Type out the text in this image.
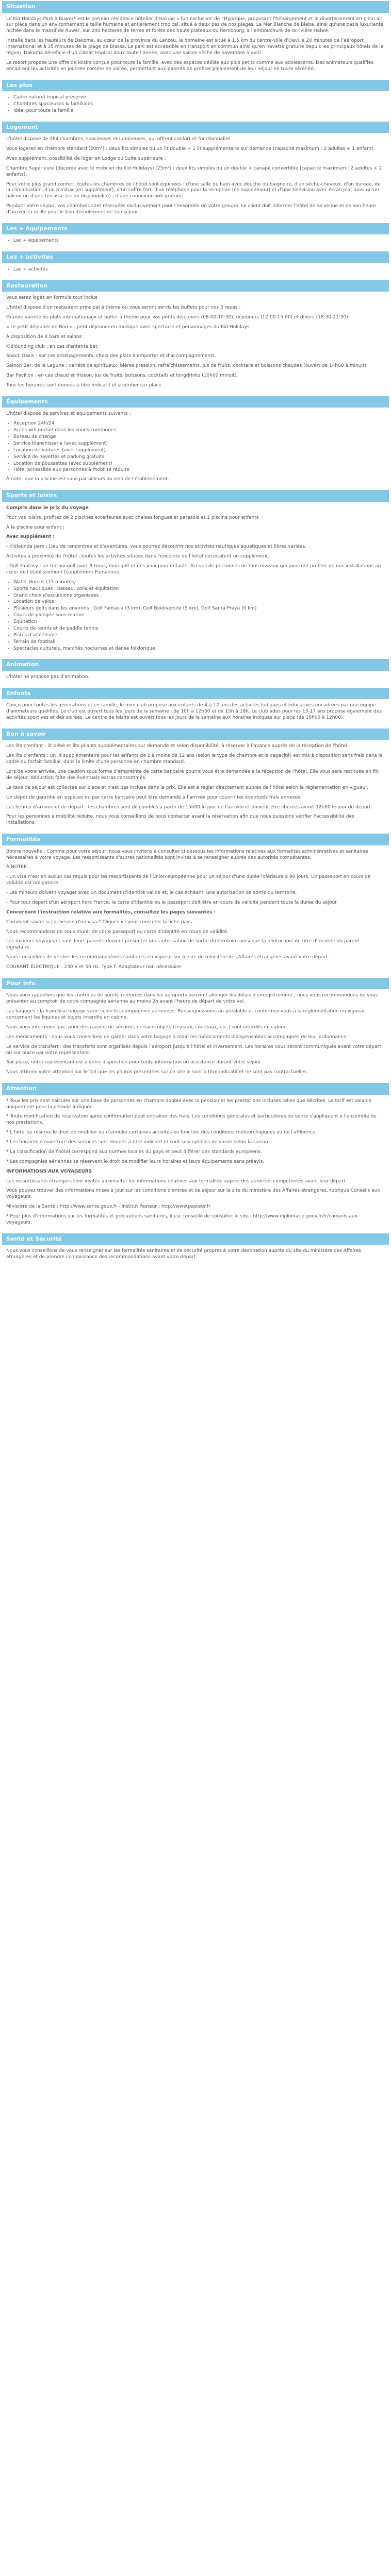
Situation

Le Kid Holidays Park à Ruwer* est le premier résidence hôtelier d'Hainan « fun exclusive' de l'Hyprique, proposant l'hébergement et le divertissement en plein air sur place dans un environnement à taille humaine et entièrement tropical, situé à deux pas de nos plages. La Mer Blanche de Bieba, ainsi qu'une oasis luxuriante nichée dans le massif de Ruwer, sur 240 hectares de terres et forêts des hauts plateaux du Rembourg, à l'embouchure de la rivière Haiwe.

Installé dans les hauteurs de Dakoma, au cœur de la province du Lanzou, le domaine est situé à 1,5 km du centre-ville d'Oavi, à 20 minutes de l'aéroport international et à 35 minutes de la plage de Biassa. Le parc est accessible en transport en commun ainsi qu'en navette gratuite depuis les principaux hôtels de la région. Dakoma bénéficie d'un climat tropical doux toute l'année, avec une saison sèche de novembre à avril.

Le resort propose une offre de loisirs conçue pour toute la famille, avec des espaces dédiés aux plus petits comme aux adolescents. Des animateurs qualifiés encadrent les activités en journée comme en soirée, permettant aux parents de profiter pleinement de leur séjour en toute sérénité.

Les plus
• Cadre naturel tropical préservé
• Chambres spacieuses & familiales
• Idéal pour toute la famille
Logement

L'hôtel dispose de 284 chambres, spacieuses et lumineuses, qui offrent confort et fonctionnalité.

Vous logerez en chambre standard (20m²) : deux lits simples ou un lit double + 1 lit supplémentaire sur demande (capacité maximum : 2 adultes + 1 enfant).

Avec supplément, possibilité de loger en Lodge ou Suite supérieure :

Chambre Supérieure (décorée avec le mobilier du Kid Holidays) (25m²) : deux lits simples ou un double + canapé convertible (capacité maximum : 2 adultes + 2 enfants).

Pour votre plus grand confort, toutes les chambres de l'hôtel sont équipées : d'une salle de bain avec douche ou baignoire, d'un sèche-cheveux, d'un bureau, de la climatisation, d'un minibar (en supplément), d'un coffre-fort, d'un téléphone pour la réception (en supplément) et d'une télévision avec écran plat ainsi qu'un balcon ou d'une terrasse (selon disponibilité) ; d'une connexion wifi gratuite.

Pendant votre séjour, vos chambres sont réservées exclusivement pour l'ensemble de votre groupe. Le client doit informer l'hôtel de sa venue et de son heure d'arrivée la veille pour le bon déroulement de son séjour.

Les + équipements
• Lac + équipements
Les + activités
• Lac + activités
Restauration

Vous serez logés en formule tout inclus

L'hôtel dispose d'un restaurant principal à thème où vous seront servis les buffets pour vos 3 repas :

Grande variété de plats internationaux et buffet à thème pour vos petits déjeuners (08:00-10:30), déjeuners (12:00-15:00) et dîners (18:30-21:30).

« Le petit déjeuner de Bon » - petit déjeuner en musique avec spectacle et personnages du Kid Holidays.

À disposition de 4 bars et salons :

Kidlounding club : en cas d'entente bar.

Snack Oasis : sur ces aménagements, choix des plats à emporter et d'accompagnements.

Saloon Bar, de la Lagune : variété de spiritueux, bières pression, rafraîchissements, jus de fruits, cocktails et boissons chaudes (ouvert de 14h00 à minuit).

Bar Pavillon : en cas chaud et frisson, jus de fruits, boissons, cocktails et longdrinks (10h00 minuit).

Tous les horaires sont donnés à titre indicatif et à vérifier sur place

Équipements

L'hôtel dispose de services et équipements suivants :

• Réception 24h/24
• Accès wifi gratuit dans les zones communes
• Bureau de change
• Service blanchisserie (avec supplément)
• Location de voitures (avec supplément)
• Service de navettes et parking gratuits
• Location de poussettes (avec supplément)
• Hôtel accessible aux personnes à mobilité réduite

À noter que la piscine est suivi par ailleurs au sein de l'établissement.

Sports et loisirs

Compris dans le prix du voyage

Pour vos loisirs, profitez de 2 piscines extérieures avec chaises longues et parasols et 1 piscine pour enfants

À la piscine pour enfant :

Avec supplément :

- Kidlounda park : Lieu de rencontres et d'aventures, vous pourrez découvrir nos activités nautiques aquatiques et libres variées.

Activités à proximité de l'hôtel : toutes les activités situées dans l'enceinte de l'hôtel nécessitent un supplément.

- Golf Fantasy : un terrain golf avec 9 trous, mini-golf et des jeux pour enfants. Accueil de personnes de tous niveaux qui pourront profiter de nos installations au cœur de l'établissement (supplément Fumanies).

• Water Horses (15 minutes)
• Sports nautiques : bateau, voile et équitation
• Grand choix d'excursions organisées
• Location de vélos
• Plusieurs golfs dans les environs : Golf Fantasia (3 km), Golf Biodiversité (5 km), Golf Santa Praya (9 km)
• Cours de plongée sous-marine
• Équitation
• Courts de tennis et de paddle tennis
• Pistes d'athlétisme
• Terrain de football
• Spectacles culturels, marchés nocturnes et danse folklorique
Animation

L'hôtel ne propose pas d'animation.

Enfants

Conçu pour toutes les générations et en famille, le mini club propose aux enfants de 4 à 12 ans des activités ludiques et éducatives encadrées par une équipe d'animateurs qualifiés. Le club est ouvert tous les jours de la semaine : de 10h à 12h30 et de 15h à 18h. Le club ados pour les 13-17 ans propose également des activités sportives et des soirées. Le centre de loisirs est ouvert tous les jours de la semaine aux horaires indiqués sur place (de 10h00 à 12h00).

Bon à savoir

Les lits d'enfant : lit bébé et lits pliants supplémentaires sur demande et selon disponibilité, à réserver à l'avance auprès de la réception de l'hôtel.

Les lits d'enfants : un lit supplémentaire pour les enfants de 2 à moins de 12 ans (selon le type de chambre et la capacité) est mis à disposition sans frais dans le cadre du forfait familial, dans la limite d'une personne en chambre standard.

Lors de votre arrivée, une caution sous forme d'empreinte de carte bancaire pourra vous être demandée à la réception de l'hôtel. Elle vous sera restituée en fin de séjour, déduction faite des éventuels extras consommés.

La taxe de séjour est collectée sur place et n'est pas incluse dans le prix. Elle est à régler directement auprès de l'hôtel selon la réglementation en vigueur.

Un dépôt de garantie en espèces ou par carte bancaire peut être demandé à l'arrivée pour couvrir les éventuels frais annexes.

Les heures d'arrivée et de départ : les chambres sont disponibles à partir de 15h00 le jour de l'arrivée et doivent être libérées avant 12h00 le jour du départ.

Pour les personnes à mobilité réduite, nous vous conseillons de nous contacter avant la réservation afin que nous puissions vérifier l'accessibilité des installations.

Formalités

Bonne nouvelle : Comme pour votre séjour, nous vous invitons à consulter ci-dessous les informations relatives aux formalités administratives et sanitaires nécessaires à votre voyage. Les ressortissants d'autres nationalités sont invités à se renseigner auprès des autorités compétentes.

À NOTER

- Un visa n'est en aucun cas requis pour les ressortissants de l'Union européenne pour un séjour d'une durée inférieure à 90 jours. Un passeport en cours de validité est obligatoire.

- Les mineurs doivent voyager avec un document d'identité valide et, le cas échéant, une autorisation de sortie du territoire.

- Pour tout départ d'un aéroport hors France, la carte d'identité ou le passeport doit être en cours de validité pendant toute la durée du séjour.

Concernant l'instruction relative aux formalités, consultez les pages suivantes :

Comment savoir si j'ai besoin d'un visa ? Cliquez ici pour consulter la fiche pays.

Nous recommandons de vous munir de votre passeport ou carte d'identité en cours de validité.

Les mineurs voyageant sans leurs parents doivent présenter une autorisation de sortie du territoire ainsi que la photocopie du titre d'identité du parent signataire.

Nous conseillons de vérifier les recommandations sanitaires en vigueur sur le site du ministère des Affaires étrangères avant votre départ.

COURANT ÉLECTRIQUE : 230 V et 50 Hz. Type F. Adaptateur non nécessaire.

Pour info

Nous vous rappelons que les contrôles de sûreté renforcés dans les aéroports peuvent allonger les délais d'enregistrement ; nous vous recommandons de vous présenter au comptoir de votre compagnie aérienne au moins 2h avant l'heure de départ de votre vol.

Les bagages : la franchise bagage varie selon les compagnies aériennes. Renseignez-vous au préalable et conformez-vous à la réglementation en vigueur concernant les liquides et objets interdits en cabine.

Nous vous informons que, pour des raisons de sécurité, certains objets (ciseaux, couteaux, etc.) sont interdits en cabine.

Les médicaments : nous vous conseillons de garder dans votre bagage à main les médicaments indispensables accompagnés de leur ordonnance.

Le service de transfert : des transferts sont organisés depuis l'aéroport jusqu'à l'hôtel et inversement. Les horaires vous seront communiqués avant votre départ ou sur place par notre représentant.

Sur place, notre représentant est à votre disposition pour toute information ou assistance durant votre séjour.

Nous attirons votre attention sur le fait que les photos présentées sur ce site le sont à titre indicatif et ne sont pas contractuelles.

Attention

* Tous les prix sont calculés sur une base de personnes en chambre double avec la pension et les prestations incluses telles que décrites. Le tarif est valable uniquement pour la période indiquée.

* Toute modification de réservation après confirmation peut entraîner des frais. Les conditions générales et particulières de vente s'appliquent à l'ensemble de nos prestations.

* L'hôtel se réserve le droit de modifier ou d'annuler certaines activités en fonction des conditions météorologiques ou de l'affluence.

* Les horaires d'ouverture des services sont donnés à titre indicatif et sont susceptibles de varier selon la saison.

* La classification de l'hôtel correspond aux normes locales du pays et peut différer des standards européens.

* Les compagnies aériennes se réservent le droit de modifier leurs horaires et leurs équipements sans préavis.

INFORMATIONS AUX VOYAGEURS

Les ressortissants étrangers sont invités à consulter les informations relatives aux formalités auprès des autorités compétentes avant leur départ.

Vous pouvez trouver des informations mises à jour sur les conditions d'entrée et de séjour sur le site du ministère des Affaires étrangères, rubrique Conseils aux voyageurs.

Ministère de la Santé : http://www.sante.gouv.fr - Institut Pasteur : http://www.pasteur.fr

* Pour plus d'informations sur les formalités et précautions sanitaires, il est conseillé de consulter le site : http://www.diplomatie.gouv.fr/fr/conseils-aux-voyageurs.

Santé et Sécurité

Nous vous conseillons de vous renseigner sur les formalités sanitaires et de sécurité propres à votre destination auprès du site du ministère des Affaires étrangères et de prendre connaissance des recommandations avant votre départ.
